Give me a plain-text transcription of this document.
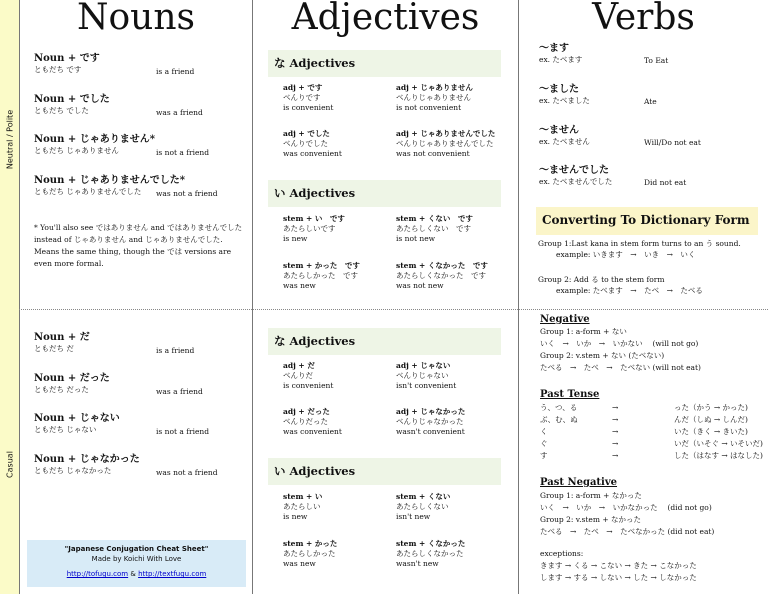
Neutral / Polite
Casual
Nouns	Adjectives	Verbs
Noun + です
ともだち です	is a friend
Noun + でした
ともだち でした	was a friend
Noun + じゃありません*
ともだち じゃありません	is not a friend
Noun + じゃありませんでした*
ともだち じゃありませんでした	was not a friend
* You'll also see ではありません and ではありませんでした instead of じゃありません and じゃありませんでした. Means the same thing, though the では versions are even more formal.
Noun + だ
ともだち だ	is a friend
Noun + だった
ともだち だった	was a friend
Noun + じゃない
ともだち じゃない	is not a friend
Noun + じゃなかった
ともだち じゃなかった	was not a friend
"Japanese Conjugation Cheat Sheet"
Made by Koichi With Love
http://tofugu.com & http://textfugu.com
な Adjectives
adj + です
べんりです
is convenient
adj + じゃありません
べんりじゃありません
is not convenient
adj + でした
べんりでした
was convenient
adj + じゃありませんでした
べんりじゃありませんでした
was not convenient
い Adjectives
stem + い　です
あたらしいです
is new
stem + くない　です
あたらしくない　です
is not new
stem + かった　です
あたらしかった　です
was new
stem + くなかった　です
あたらしくなかった　です
was not new
な Adjectives
adj + だ
べんりだ
is convenient
adj + じゃない
べんりじゃない
isn't convenient
adj + だった
べんりだった
was convenient
adj + じゃなかった
べんりじゃなかった
wasn't convenient
い Adjectives
stem + い
あたらしい
is new
stem + くない
あたらしくない
isn't new
stem + かった
あたらしかった
was new
stem + くなかった
あたらしくなかった
wasn't new
〜ます
ex. たべます	To Eat
〜ました
ex. たべました	Ate
〜ません
ex. たべません	Will/Do not eat
〜ませんでした
ex. たべませんでした	Did not eat
Converting To Dictionary Form
Group 1:Last kana in stem form turns to an う sound.
example: いきます　→　いき　→　いく
Group 2: Add る to the stem form
example: たべます　→　たべ　→　たべる
Negative
Group 1: a-form + ない
いく　→　いか　→　いかない　 (will not go)
Group 2: v.stem + ない (たべない)
たべる　→　たべ　→　たべない (will not eat)
Past Tense
う、つ、る	→	った（かう → かった)
ぶ、む、ぬ	→	んだ（しぬ → しんだ)
く	→	いた（きく → きいた)
ぐ	→	いだ（いそぐ → いそいだ)
す	→	した（はなす → はなした)
Past Negative
Group 1: a-form + なかった
いく　→　いか　→　いかなかった　 (did not go)
Group 2: v.stem + なかった
たべる　→　たべ　→　たべなかった (did not eat)
exceptions:
きます → くる → こない → きた → こなかった
します → する → しない → した → しなかった
